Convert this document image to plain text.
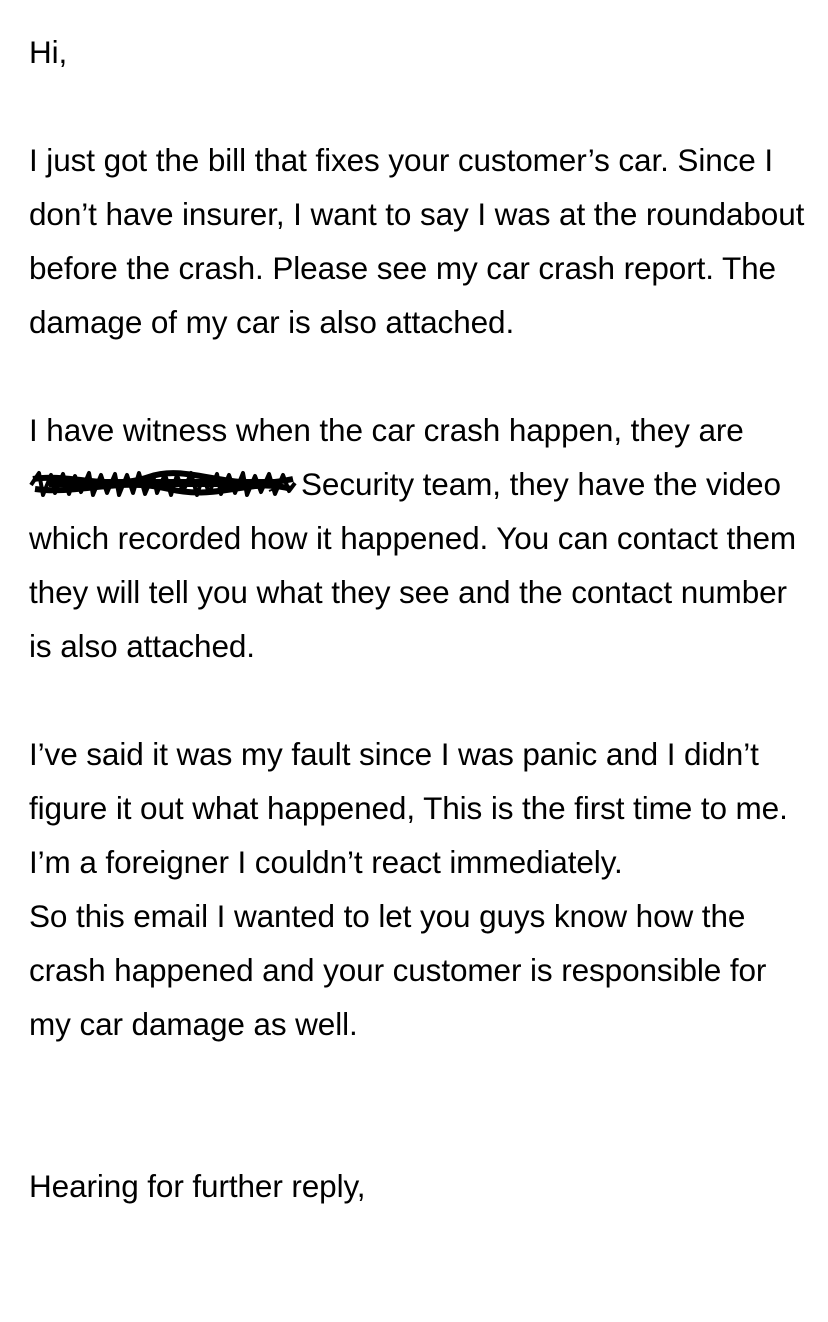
Hi,

I just got the bill that fixes your customer’s car. Since I don’t have insurer, I want to say I was at the roundabout before the crash. Please see my car crash report. The damage of my car is also attached.

I have witness when the car crash happen, they are
Security team, they have the video which recorded how it happened. You can contact them they will tell you what they see and the contact number is also attached.

I’ve said it was my fault since I was panic and I didn’t figure it out what happened, This is the first time to me. I’m a foreigner I couldn’t react immediately.

So this email I wanted to let you guys know how the crash happened and your customer is responsible for my car damage as well.

Hearing for further reply,
